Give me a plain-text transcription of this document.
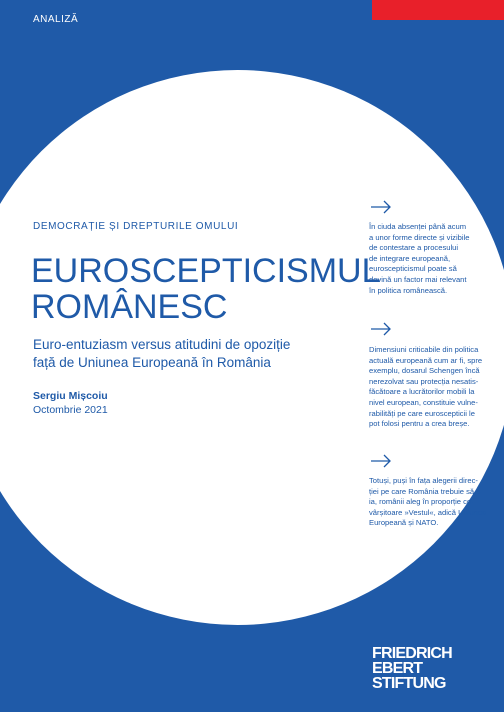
ANALIZĂ
DEMOCRAȚIE ȘI DREPTURILE OMULUI
EUROSCEPTICISMUL
ROMÂNESC
Euro-entuziasm versus atitudini de opoziție
față de Uniunea Europeană în România
Sergiu Mișcoiu
Octombrie 2021
În ciuda absenței până acum
a unor forme directe și vizibile
de contestare a procesului
de integrare europeană,
euroscepticismul poate să
devină un factor mai relevant
în politica românească.
Dimensiuni criticabile din politica
actuală europeană cum ar fi, spre
exemplu, dosarul Schengen încă
nerezolvat sau protecția nesatis-
făcătoare a lucrătorilor mobili la
nivel european, constituie vulne-
rabilități pe care euroscepticii le
pot folosi pentru a crea breșe.
Totuși, puși în fața alegerii direc-
ției pe care România trebuie să o
ia, românii aleg în proporție co-
vârșitoare »Vestul«, adică Uniunea
Europeană și NATO.
FRIEDRICH
EBERT
STIFTUNG
